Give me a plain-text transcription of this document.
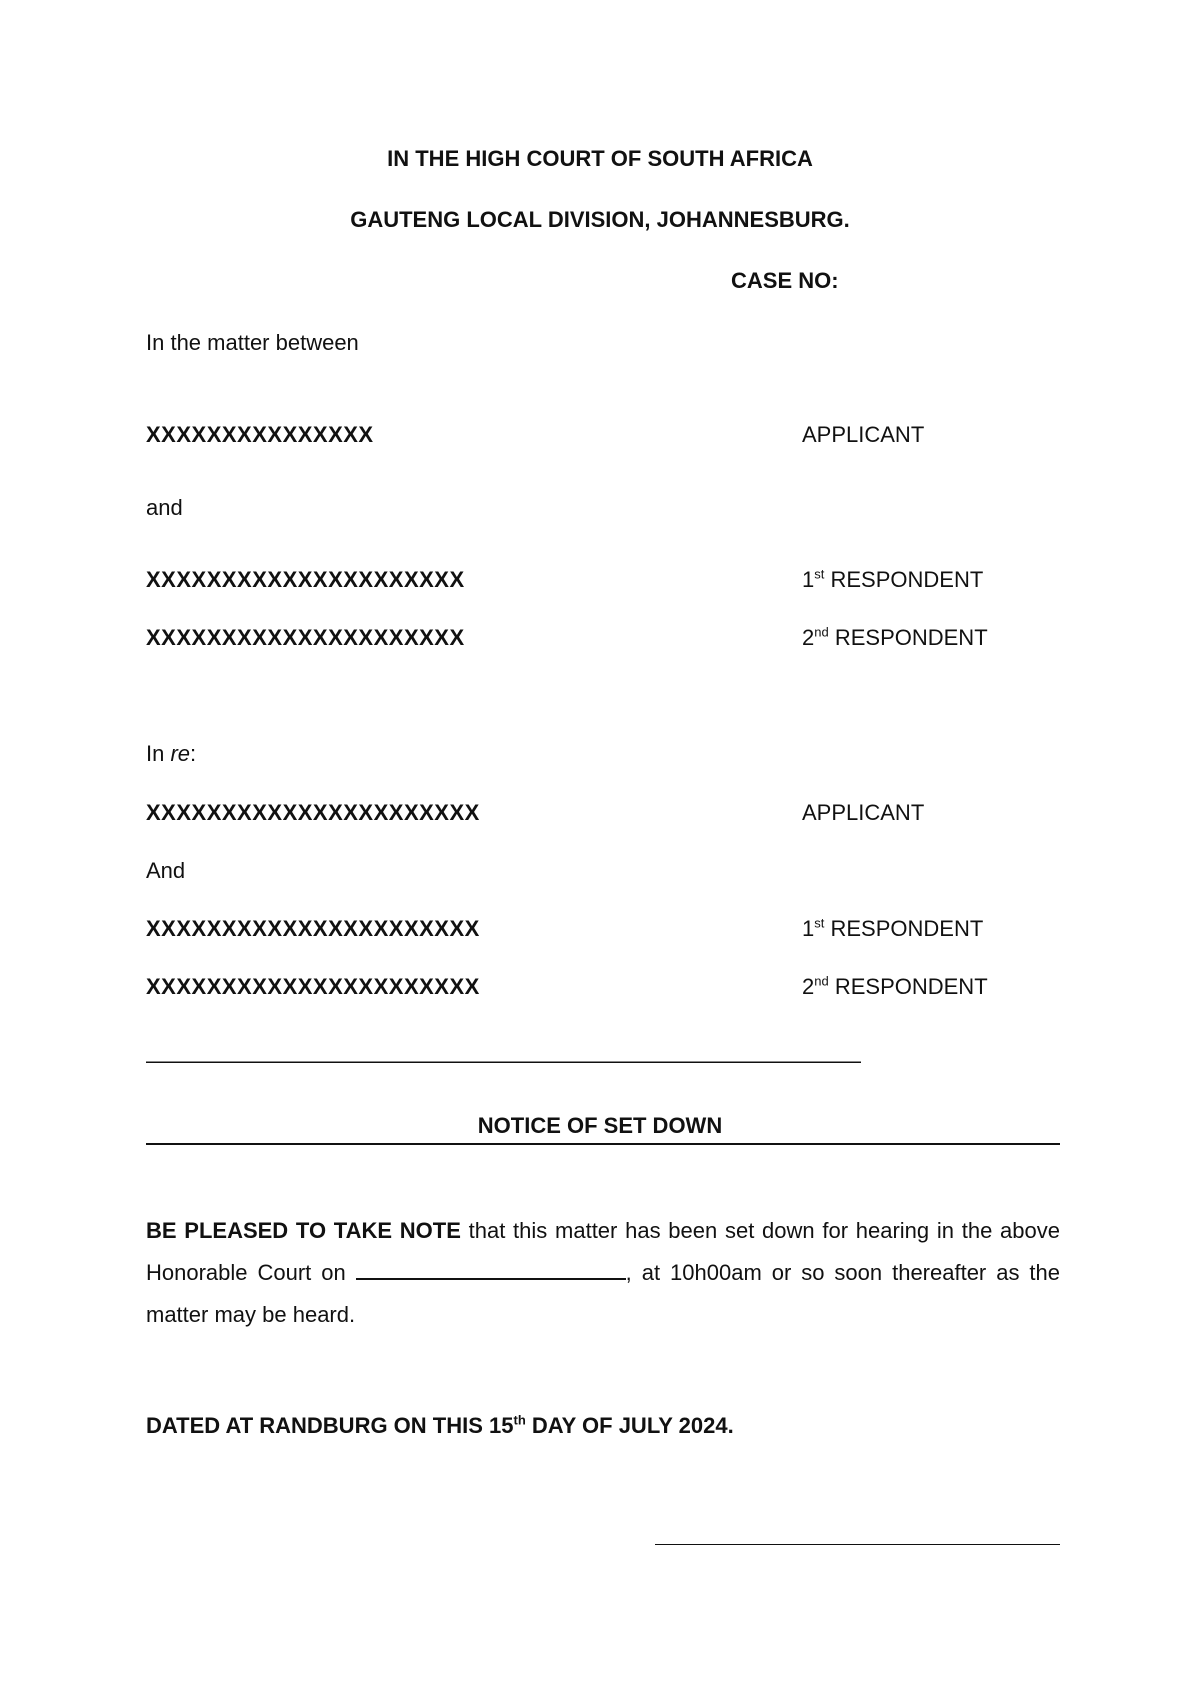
IN THE HIGH COURT OF SOUTH AFRICA
GAUTENG LOCAL DIVISION, JOHANNESBURG.
CASE NO:
In the matter between
XXXXXXXXXXXXXXX	APPLICANT
and
XXXXXXXXXXXXXXXXXXXXX	1st RESPONDENT
XXXXXXXXXXXXXXXXXXXXX	2nd RESPONDENT
In re:
XXXXXXXXXXXXXXXXXXXXXX	APPLICANT
And
XXXXXXXXXXXXXXXXXXXXXX	1st RESPONDENT
XXXXXXXXXXXXXXXXXXXXXX	2nd RESPONDENT
——————————————————————————————————
NOTICE OF SET DOWN
BE PLEASED TO TAKE NOTE that this matter has been set down for hearing in the above Honorable Court on	, at 10h00am or so soon thereafter as the matter may be heard.
DATED AT RANDBURG ON THIS 15th DAY OF JULY 2024.
